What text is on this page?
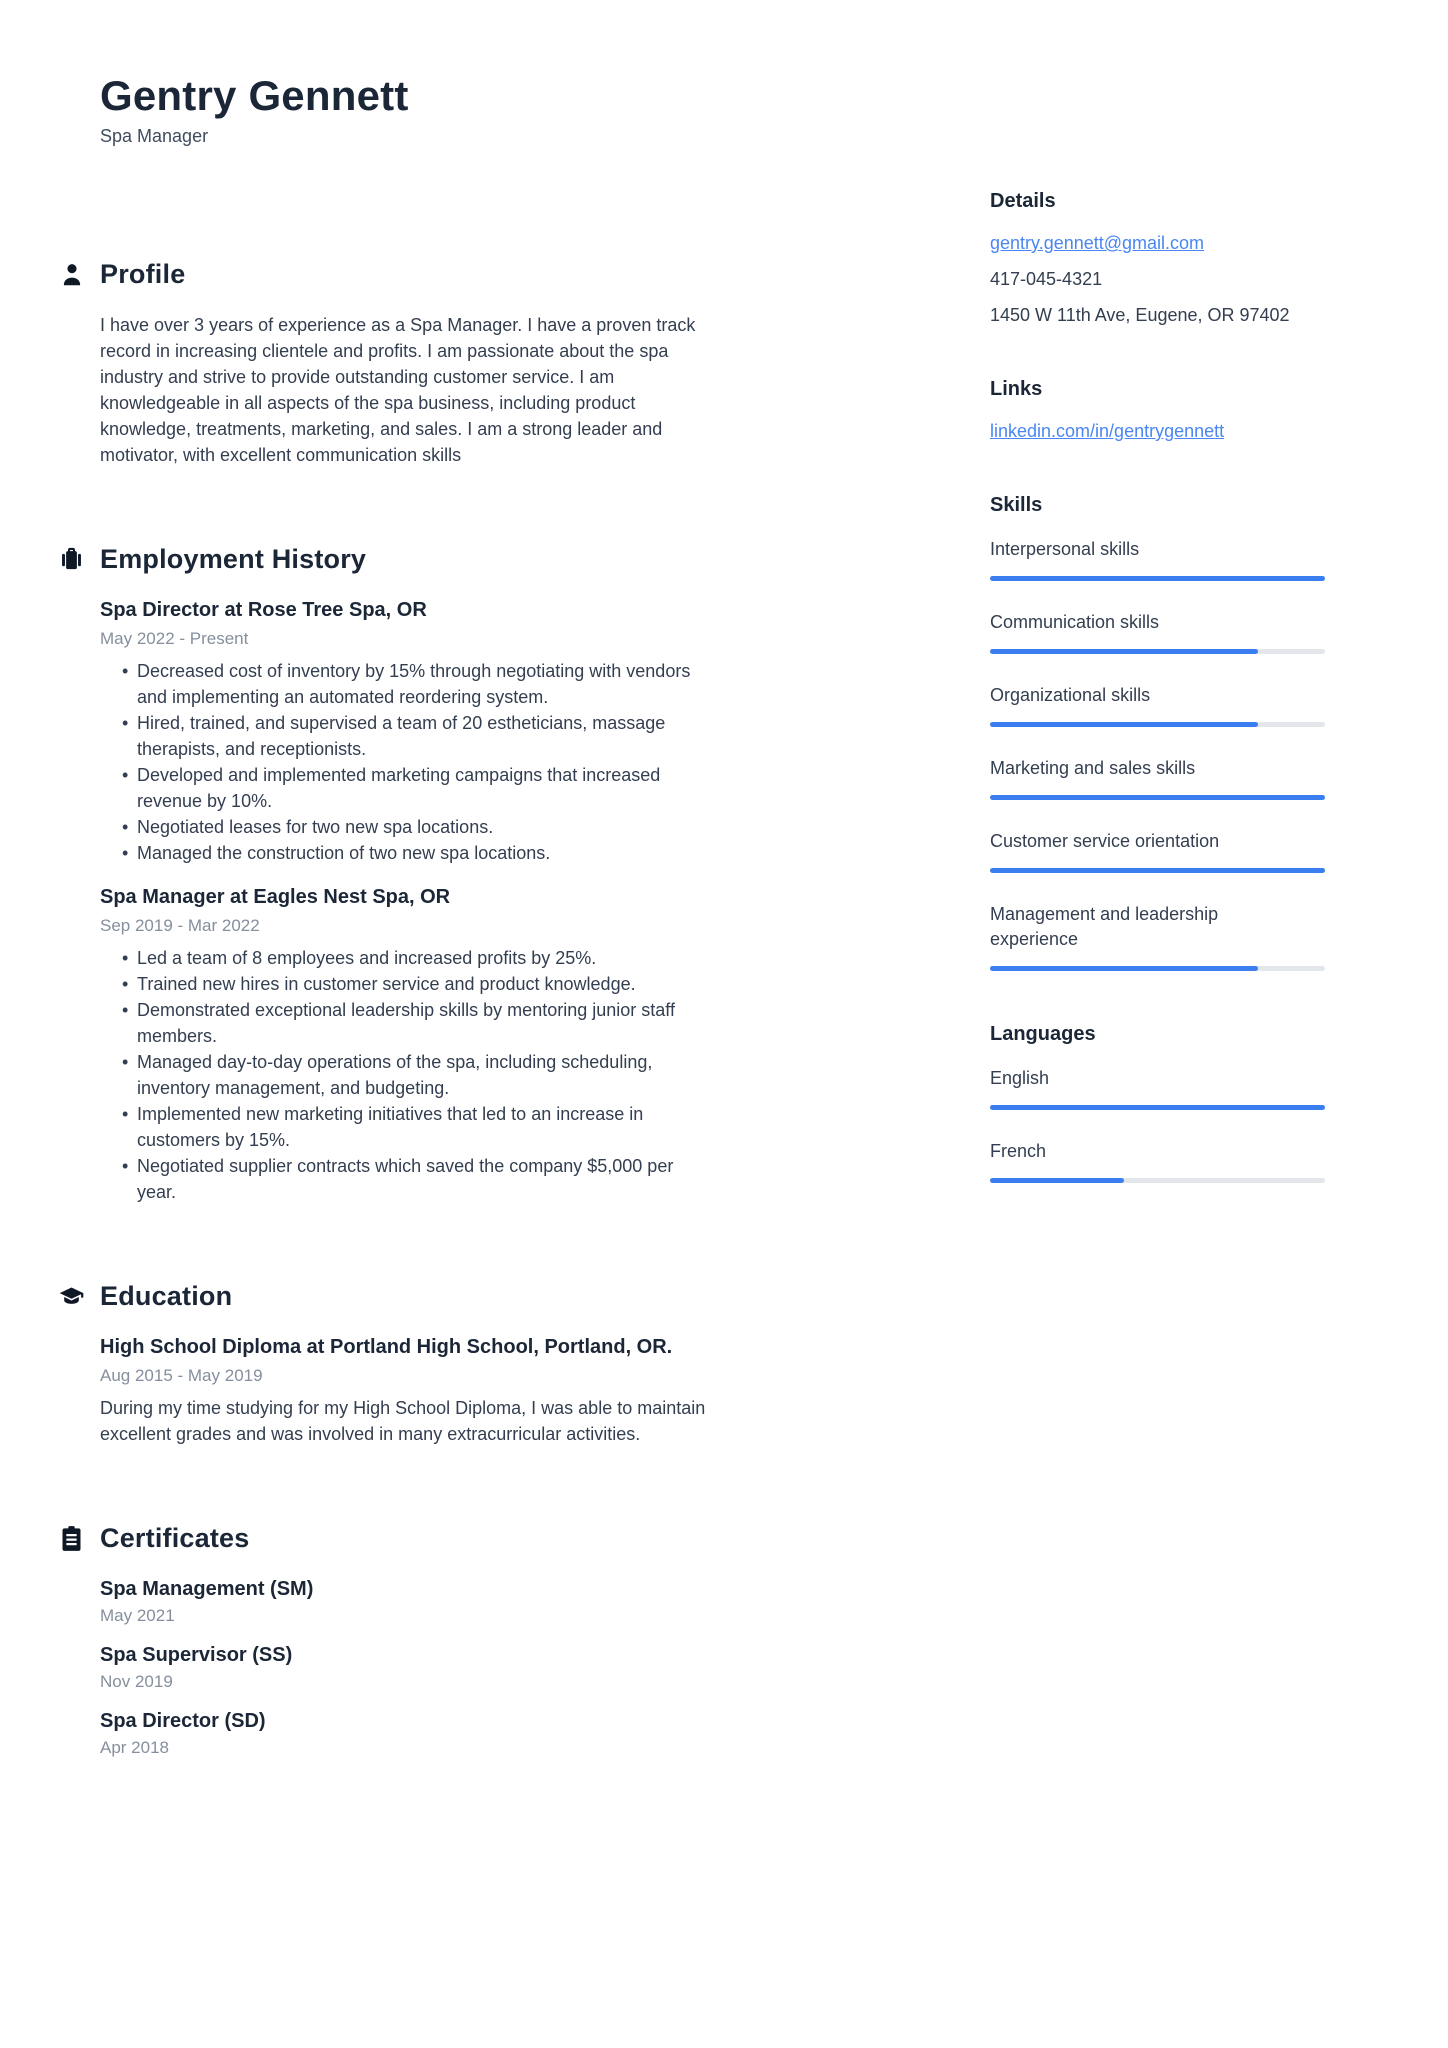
Gentry Gennett
Spa Manager
Profile

I have over 3 years of experience as a Spa Manager. I have a proven track record in increasing clientele and profits. I am passionate about the spa industry and strive to provide outstanding customer service. I am knowledgeable in all aspects of the spa business, including product knowledge, treatments, marketing, and sales. I am a strong leader and motivator, with excellent communication skills

Employment History
Spa Director at Rose Tree Spa, OR
May 2022 - Present
• Decreased cost of inventory by 15% through negotiating with vendors and implementing an automated reordering system.
• Hired, trained, and supervised a team of 20 estheticians, massage therapists, and receptionists.
• Developed and implemented marketing campaigns that increased revenue by 10%.
• Negotiated leases for two new spa locations.
• Managed the construction of two new spa locations.
Spa Manager at Eagles Nest Spa, OR
Sep 2019 - Mar 2022
• Led a team of 8 employees and increased profits by 25%.
• Trained new hires in customer service and product knowledge.
• Demonstrated exceptional leadership skills by mentoring junior staff members.
• Managed day-to-day operations of the spa, including scheduling, inventory management, and budgeting.
• Implemented new marketing initiatives that led to an increase in customers by 15%.
• Negotiated supplier contracts which saved the company $5,000 per year.
Education
High School Diploma at Portland High School, Portland, OR.
Aug 2015 - May 2019

During my time studying for my High School Diploma, I was able to maintain excellent grades and was involved in many extracurricular activities.

Certificates
Spa Management (SM)
May 2021
Spa Supervisor (SS)
Nov 2019
Spa Director (SD)
Apr 2018
Details
gentry.gennett@gmail.com
417-045-4321
1450 W 11th Ave, Eugene, OR 97402
Links
linkedin.com/in/gentrygennett
Skills
Interpersonal skills
Communication skills
Organizational skills
Marketing and sales skills
Customer service orientation
Management and leadership experience
Languages
English
French
